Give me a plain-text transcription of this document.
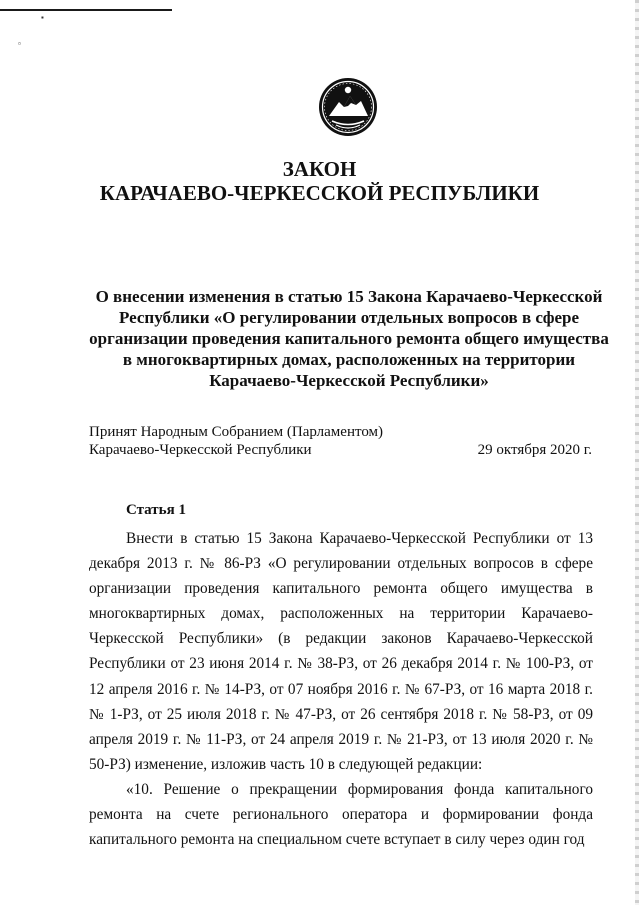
▪
▫
ЗАКОН
КАРАЧАЕВО-ЧЕРКЕССКОЙ РЕСПУБЛИКИ
О внесении изменения в статью 15 Закона Карачаево-Черкесской Республики «О регулировании отдельных вопросов в сфере организации проведения капитального ремонта общего имущества в многоквартирных домах, расположенных на территории Карачаево-Черкесской Республики»
Принят Народным Собранием (Парламентом)
Карачаево-Черкесской Республики	29 октября 2020 г.
Статья 1

Внести в статью 15 Закона Карачаево-Черкесской Республики от 13 декабря 2013 г. № 86-РЗ «О регулировании отдельных вопросов в сфере организации проведения капитального ремонта общего имущества в многоквартирных домах, расположенных на территории Карачаево-Черкесской Республики» (в редакции законов Карачаево-Черкесской Республики от 23 июня 2014 г. № 38-РЗ, от 26 декабря 2014 г. № 100-РЗ, от 12 апреля 2016 г. № 14-РЗ, от 07 ноября 2016 г. № 67-РЗ, от 16 марта 2018 г. № 1-РЗ, от 25 июля 2018 г. № 47-РЗ, от 26 сентября 2018 г. № 58-РЗ, от 09 апреля 2019 г. № 11-РЗ, от 24 апреля 2019 г. № 21-РЗ, от 13 июля 2020 г. № 50-РЗ) изменение, изложив часть 10 в следующей редакции:

«10. Решение о прекращении формирования фонда капитального ремонта на счете регионального оператора и формировании фонда капитального ремонта на специальном счете вступает в силу через один год
